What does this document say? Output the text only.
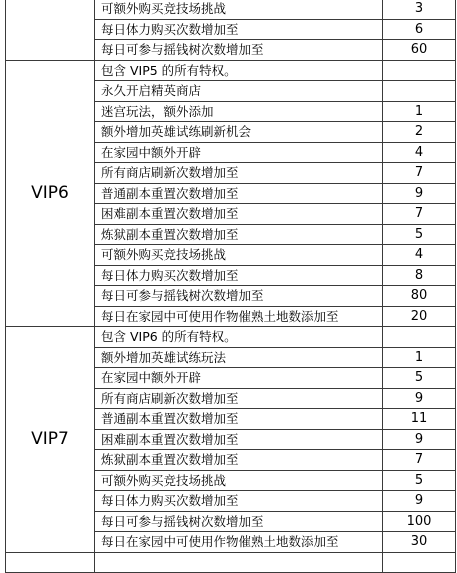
	可额外购买竞技场挑战	3
	每日体力购买次数增加至	6
	每日可参与摇钱树次数增加至	60
VIP6	包含 VIP5 的所有特权。	
	永久开启精英商店	
	迷宫玩法，额外添加	1
	额外增加英雄试练刷新机会	2
	在家园中额外开辟	4
	所有商店刷新次数增加至	7
	普通副本重置次数增加至	9
	困难副本重置次数增加至	7
	炼狱副本重置次数增加至	5
	可额外购买竞技场挑战	4
	每日体力购买次数增加至	8
	每日可参与摇钱树次数增加至	80
	每日在家园中可使用作物催熟土地数添加至	20
VIP7	包含 VIP6 的所有特权。	
	额外增加英雄试练玩法	1
	在家园中额外开辟	5
	所有商店刷新次数增加至	9
	普通副本重置次数增加至	11
	困难副本重置次数增加至	9
	炼狱副本重置次数增加至	7
	可额外购买竞技场挑战	5
	每日体力购买次数增加至	9
	每日可参与摇钱树次数增加至	100
	每日在家园中可使用作物催熟土地数添加至	30
